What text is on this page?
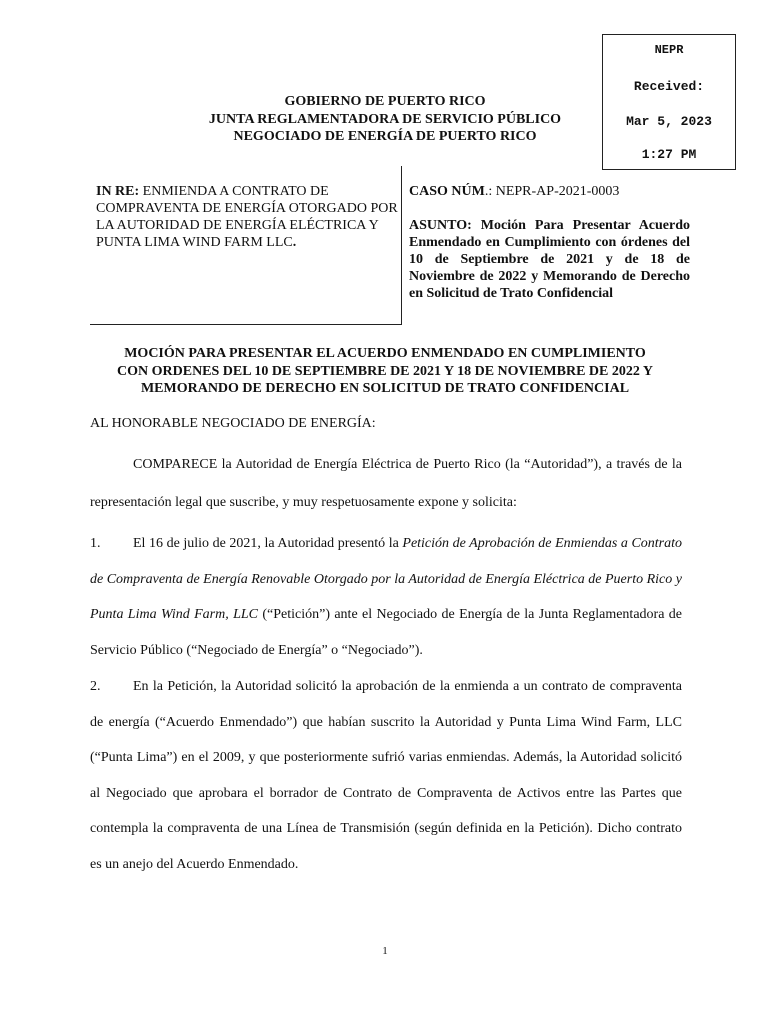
NEPR
Received:
Mar 5, 2023
1:27 PM
GOBIERNO DE PUERTO RICO
JUNTA REGLAMENTADORA DE SERVICIO PÚBLICO
NEGOCIADO DE ENERGÍA DE PUERTO RICO
IN RE: ENMIENDA A CONTRATO DE COMPRAVENTA DE ENERGÍA OTORGADO POR LA AUTORIDAD DE ENERGÍA ELÉCTRICA Y PUNTA LIMA WIND FARM LLC.
CASO NÚM.: NEPR-AP-2021-0003
ASUNTO: Moción Para Presentar Acuerdo Enmendado en Cumplimiento con órdenes del 10 de Septiembre de 2021 y de 18 de Noviembre de 2022 y Memorando de Derecho en Solicitud de Trato Confidencial
MOCIÓN PARA PRESENTAR EL ACUERDO ENMENDADO EN CUMPLIMIENTO
CON ORDENES DEL 10 DE SEPTIEMBRE DE 2021 Y 18 DE NOVIEMBRE DE 2022 Y
MEMORANDO DE DERECHO EN SOLICITUD DE TRATO CONFIDENCIAL
AL HONORABLE NEGOCIADO DE ENERGÍA:
COMPARECE la Autoridad de Energía Eléctrica de Puerto Rico (la “Autoridad”), a través de la representación legal que suscribe, y muy respetuosamente expone y solicita:
1. El 16 de julio de 2021, la Autoridad presentó la Petición de Aprobación de Enmiendas a Contrato de Compraventa de Energía Renovable Otorgado por la Autoridad de Energía Eléctrica de Puerto Rico y Punta Lima Wind Farm, LLC (“Petición”) ante el Negociado de Energía de la Junta Reglamentadora de Servicio Público (“Negociado de Energía” o “Negociado”).
2. En la Petición, la Autoridad solicitó la aprobación de la enmienda a un contrato de compraventa de energía (“Acuerdo Enmendado”) que habían suscrito la Autoridad y Punta Lima Wind Farm, LLC (“Punta Lima”) en el 2009, y que posteriormente sufrió varias enmiendas. Además, la Autoridad solicitó al Negociado que aprobara el borrador de Contrato de Compraventa de Activos entre las Partes que contempla la compraventa de una Línea de Transmisión (según definida en la Petición). Dicho contrato es un anejo del Acuerdo Enmendado.
1
